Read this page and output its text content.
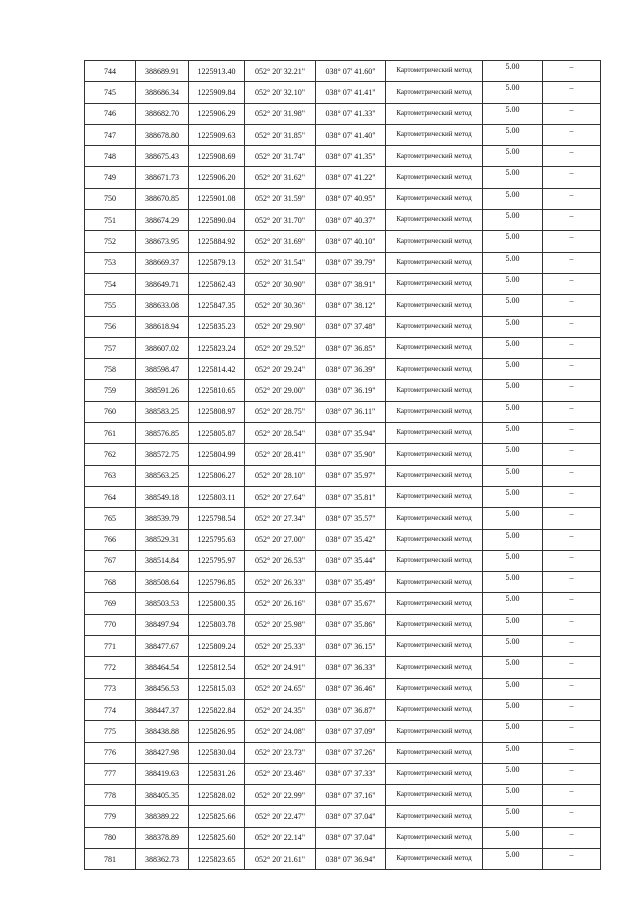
744	388689.91	1225913.40	052° 20' 32.21"	038° 07' 41.60"	Картометрический метод	5.00	–
745	388686.34	1225909.84	052° 20' 32.10"	038° 07' 41.41"	Картометрический метод	5.00	–
746	388682.70	1225906.29	052° 20' 31.98"	038° 07' 41.33"	Картометрический метод	5.00	–
747	388678.80	1225909.63	052° 20' 31.85"	038° 07' 41.40"	Картометрический метод	5.00	–
748	388675.43	1225908.69	052° 20' 31.74"	038° 07' 41.35"	Картометрический метод	5.00	–
749	388671.73	1225906.20	052° 20' 31.62"	038° 07' 41.22"	Картометрический метод	5.00	–
750	388670.85	1225901.08	052° 20' 31.59"	038° 07' 40.95"	Картометрический метод	5.00	–
751	388674.29	1225890.04	052° 20' 31.70"	038° 07' 40.37"	Картометрический метод	5.00	–
752	388673.95	1225884.92	052° 20' 31.69"	038° 07' 40.10"	Картометрический метод	5.00	–
753	388669.37	1225879.13	052° 20' 31.54"	038° 07' 39.79"	Картометрический метод	5.00	–
754	388649.71	1225862.43	052° 20' 30.90"	038° 07' 38.91"	Картометрический метод	5.00	–
755	388633.08	1225847.35	052° 20' 30.36"	038° 07' 38.12"	Картометрический метод	5.00	–
756	388618.94	1225835.23	052° 20' 29.90"	038° 07' 37.48"	Картометрический метод	5.00	–
757	388607.02	1225823.24	052° 20' 29.52"	038° 07' 36.85"	Картометрический метод	5.00	–
758	388598.47	1225814.42	052° 20' 29.24"	038° 07' 36.39"	Картометрический метод	5.00	–
759	388591.26	1225810.65	052° 20' 29.00"	038° 07' 36.19"	Картометрический метод	5.00	–
760	388583.25	1225808.97	052° 20' 28.75"	038° 07' 36.11"	Картометрический метод	5.00	–
761	388576.85	1225805.87	052° 20' 28.54"	038° 07' 35.94"	Картометрический метод	5.00	–
762	388572.75	1225804.99	052° 20' 28.41"	038° 07' 35.90"	Картометрический метод	5.00	–
763	388563.25	1225806.27	052° 20' 28.10"	038° 07' 35.97"	Картометрический метод	5.00	–
764	388549.18	1225803.11	052° 20' 27.64"	038° 07' 35.81"	Картометрический метод	5.00	–
765	388539.79	1225798.54	052° 20' 27.34"	038° 07' 35.57"	Картометрический метод	5.00	–
766	388529.31	1225795.63	052° 20' 27.00"	038° 07' 35.42"	Картометрический метод	5.00	–
767	388514.84	1225795.97	052° 20' 26.53"	038° 07' 35.44"	Картометрический метод	5.00	–
768	388508.64	1225796.85	052° 20' 26.33"	038° 07' 35.49"	Картометрический метод	5.00	–
769	388503.53	1225800.35	052° 20' 26.16"	038° 07' 35.67"	Картометрический метод	5.00	–
770	388497.94	1225803.78	052° 20' 25.98"	038° 07' 35.86"	Картометрический метод	5.00	–
771	388477.67	1225809.24	052° 20' 25.33"	038° 07' 36.15"	Картометрический метод	5.00	–
772	388464.54	1225812.54	052° 20' 24.91"	038° 07' 36.33"	Картометрический метод	5.00	–
773	388456.53	1225815.03	052° 20' 24.65"	038° 07' 36.46"	Картометрический метод	5.00	–
774	388447.37	1225822.84	052° 20' 24.35"	038° 07' 36.87"	Картометрический метод	5.00	–
775	388438.88	1225826.95	052° 20' 24.08"	038° 07' 37.09"	Картометрический метод	5.00	–
776	388427.98	1225830.04	052° 20' 23.73"	038° 07' 37.26"	Картометрический метод	5.00	–
777	388419.63	1225831.26	052° 20' 23.46"	038° 07' 37.33"	Картометрический метод	5.00	–
778	388405.35	1225828.02	052° 20' 22.99"	038° 07' 37.16"	Картометрический метод	5.00	–
779	388389.22	1225825.66	052° 20' 22.47"	038° 07' 37.04"	Картометрический метод	5.00	–
780	388378.89	1225825.60	052° 20' 22.14"	038° 07' 37.04"	Картометрический метод	5.00	–
781	388362.73	1225823.65	052° 20' 21.61"	038° 07' 36.94"	Картометрический метод	5.00	–
